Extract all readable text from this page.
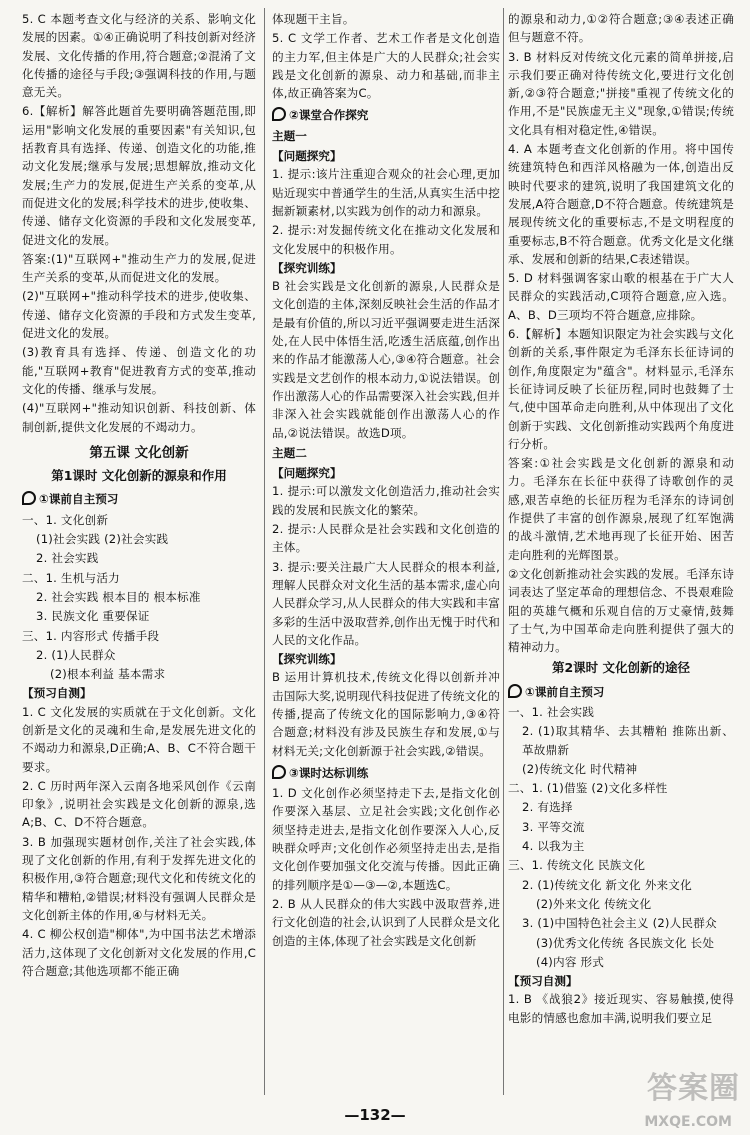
5. C 本题考查文化与经济的关系、影响文化发展的因素。①④正确说明了科技创新对经济发展、文化传播的作用,符合题意;②混淆了文化传播的途径与手段;③强调科技的作用,与题意无关。

6.【解析】解答此题首先要明确答题范围,即运用"影响文化发展的重要因素"有关知识,包括教育具有选择、传递、创造文化的功能,推动文化发展;继承与发展;思想解放,推动文化发展;生产力的发展,促进生产关系的变革,从而促进文化的发展;科学技术的进步,使收集、传递、储存文化资源的手段和文化发展变革,促进文化的发展。

答案:(1)"互联网+"推动生产力的发展,促进生产关系的变革,从而促进文化的发展。

(2)"互联网+"推动科学技术的进步,使收集、传递、储存文化资源的手段和方式发生变革,促进文化的发展。

(3)教育具有选择、传递、创造文化的功能,"互联网+教育"促进教育方式的变革,推动文化的传播、继承与发展。

(4)"互联网+"推动知识创新、科技创新、体制创新,提供文化发展的不竭动力。

第五课 文化创新
第1课时 文化创新的源泉和作用
①课前自主预习

一、1. 文化创新

(1)社会实践 (2)社会实践

2. 社会实践

二、1. 生机与活力

2. 社会实践 根本目的 根本标准

3. 民族文化 重要保证

三、1. 内容形式 传播手段

2. (1)人民群众

(2)根本利益 基本需求

【预习自测】

1. C 文化发展的实质就在于文化创新。文化创新是文化的灵魂和生命,是发展先进文化的不竭动力和源泉,D正确;A、B、C不符合题干要求。

2. C 历时两年深入云南各地采风创作《云南印象》,说明社会实践是文化创新的源泉,选A;B、C、D不符合题意。

3. B 加强现实题材创作,关注了社会实践,体现了文化创新的作用,有利于发挥先进文化的积极作用,③符合题意;现代文化和传统文化的精华和糟粕,②错误;材料没有强调人民群众是文化创新主体的作用,④与材料无关。

4. C 柳公权创造"柳体",为中国书法艺术增添活力,这体现了文化创新对文化发展的作用,C符合题意;其他选项都不能正确

体现题干主旨。

5. C 文学工作者、艺术工作者是文化创造的主力军,但主体是广大的人民群众;社会实践是文化创新的源泉、动力和基础,而非主体,故正确答案为C。

②课堂合作探究
主题一
【问题探究】

1. 提示:该片注重迎合观众的社会心理,更加贴近现实中普通学生的生活,从真实生活中挖掘新颖素材,以实践为创作的动力和源泉。

2. 提示:对发掘传统文化在推动文化发展和文化发展中的积极作用。

【探究训练】

B 社会实践是文化创新的源泉,人民群众是文化创造的主体,深刻反映社会生活的作品才是最有价值的,所以习近平强调要走进生活深处,在人民中体悟生活,吃透生活底蕴,创作出来的作品才能激荡人心,③④符合题意。社会实践是文艺创作的根本动力,①说法错误。创作出激荡人心的作品需要深入社会实践,但并非深入社会实践就能创作出激荡人心的作品,②说法错误。故选D项。

主题二
【问题探究】

1. 提示:可以激发文化创造活力,推动社会实践的发展和民族文化的繁荣。

2. 提示:人民群众是社会实践和文化创造的主体。

3. 提示:要关注最广大人民群众的根本利益,理解人民群众对文化生活的基本需求,虚心向人民群众学习,从人民群众的伟大实践和丰富多彩的生活中汲取营养,创作出无愧于时代和人民的文化作品。

【探究训练】

B 运用计算机技术,传统文化得以创新并冲击国际大奖,说明现代科技促进了传统文化的传播,提高了传统文化的国际影响力,③④符合题意;材料没有涉及民族生存和发展,①与材料无关;文化创新源于社会实践,②错误。

③课时达标训练

1. D 文化创作必须坚持走下去,是指文化创作要深入基层、立足社会实践;文化创作必须坚持走进去,是指文化创作要深入人心,反映群众呼声;文化创作必须坚持走出去,是指文化创作要加强文化交流与传播。因此正确的排列顺序是①—③—②,本题选C。

2. B 从人民群众的伟大实践中汲取营养,进行文化创造的社会,认识到了人民群众是文化创造的主体,体现了社会实践是文化创新

的源泉和动力,①②符合题意;③④表述正确但与题意不符。

3. B 材料反对传统文化元素的简单拼接,启示我们要正确对待传统文化,要进行文化创新,②③符合题意;"拼接"重视了传统文化的作用,不是"民族虚无主义"现象,①错误;传统文化具有相对稳定性,④错误。

4. A 本题考查文化创新的作用。将中国传统建筑特色和西洋风格融为一体,创造出反映时代要求的建筑,说明了我国建筑文化的发展,A符合题意,D不符合题意。传统建筑是展现传统文化的重要标志,不是文明程度的重要标志,B不符合题意。优秀文化是文化继承、发展和创新的结果,C表述错误。

5. D 材料强调客家山歌的根基在于广大人民群众的实践活动,C项符合题意,应入选。A、B、D三项均不符合题意,应排除。

6.【解析】本题知识限定为社会实践与文化创新的关系,事件限定为毛泽东长征诗词的创作,角度限定为"蕴含"。材料显示,毛泽东长征诗词反映了长征历程,同时也鼓舞了士气,使中国革命走向胜利,从中体现出了文化创新于实践、文化创新推动实践两个角度进行分析。

答案:①社会实践是文化创新的源泉和动力。毛泽东在长征中获得了诗歌创作的灵感,艰苦卓绝的长征历程为毛泽东的诗词创作提供了丰富的创作源泉,展现了红军饱满的战斗激情,艺术地再现了长征开始、困苦走向胜利的光辉图景。

②文化创新推动社会实践的发展。毛泽东诗词表达了坚定革命的理想信念、不畏艰难险阻的英雄气概和乐观自信的万丈豪情,鼓舞了士气,为中国革命走向胜利提供了强大的精神动力。

第2课时 文化创新的途径
①课前自主预习

一、1. 社会实践

2. (1)取其精华、去其糟粕 推陈出新、革故鼎新

(2)传统文化 时代精神

二、1. (1)借鉴 (2)文化多样性

2. 有选择

3. 平等交流

4. 以我为主

三、1. 传统文化 民族文化

2. (1)传统文化 新文化 外来文化

(2)外来文化 传统文化

3. (1)中国特色社会主义 (2)人民群众

(3)优秀文化传统 各民族文化 长处

(4)内容 形式

【预习自测】

1. B 《战狼2》接近现实、容易触摸,使得电影的情感也愈加丰满,说明我们要立足

—132—
答案圈
MXQE.COM
